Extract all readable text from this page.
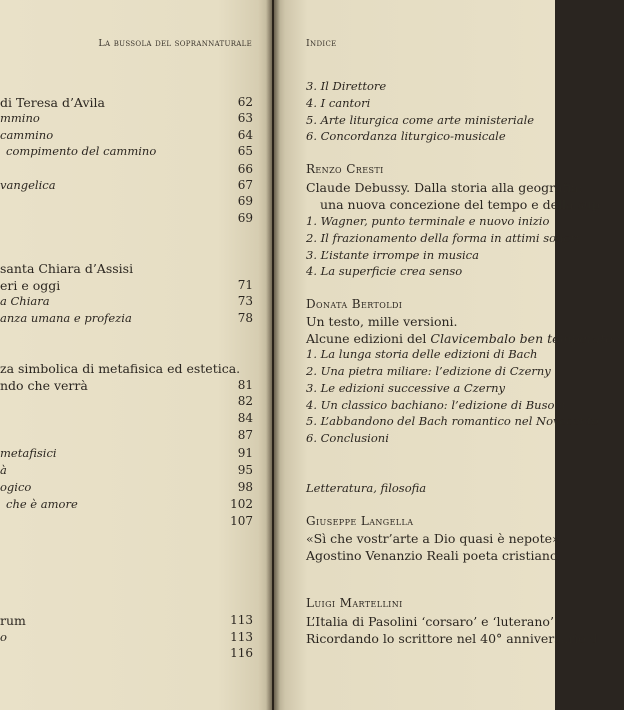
La bussola del soprannaturale
di Teresa d’Avila	62
mmino	63
cammino	64
compimento del cammino	65
66
vangelica	67
69
69
santa Chiara d’Assisi
eri e oggi	71
a Chiara	73
anza umana e profezia	78
za simbolica di metafisica ed estetica.
ndo che verrà	81
82
84
87
metafisici	91
à	95
ogico	98
che è amore	102
107
rum	113
o	113
116
Indice
3. Il Direttore
4. I cantori
5. Arte liturgica come arte ministeriale
6. Concordanza liturgico-musicale
Renzo Cresti
Claude Debussy. Dalla storia alla geografia:
una nuova concezione del tempo e della sup
1. Wagner, punto terminale e nuovo inizio
2. Il frazionamento della forma in attimi sonori
3. L’istante irrompe in musica
4. La superficie crea senso
Donata Bertoldi
Un testo, mille versioni.
Alcune edizioni del Clavicembalo ben temperato a
1. La lunga storia delle edizioni di Bach
2. Una pietra miliare: l’edizione di Czerny
3. Le edizioni successive a Czerny
4. Un classico bachiano: l’edizione di Busoni
5. L’abbandono del Bach romantico nel Novecento
6. Conclusioni
Letteratura, filosofia
Giuseppe Langella
«Sì che vostr’arte a Dio quasi è nepote».
Agostino Venanzio Reali poeta cristiano
Luigi Martellini
L’Italia di Pasolini ‘corsaro’ e ‘luterano’
Ricordando lo scrittore nel 40° anniversario d
